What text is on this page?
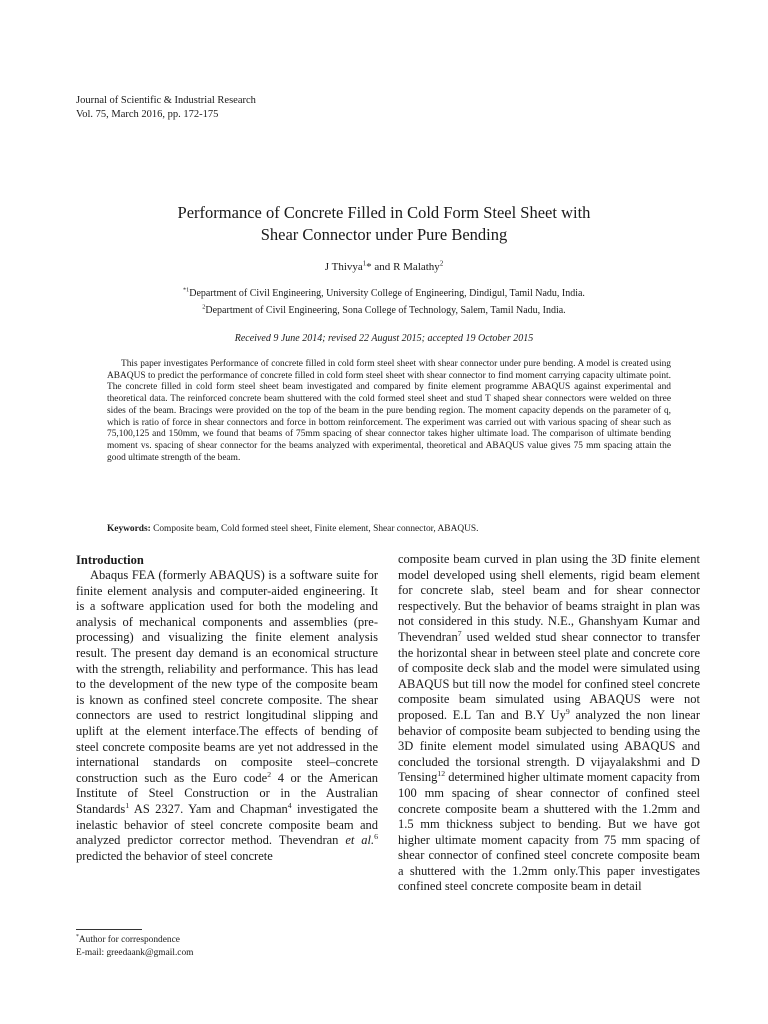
Journal of Scientific & Industrial Research
Vol. 75, March 2016, pp. 172-175
Performance of Concrete Filled in Cold Form Steel Sheet with
Shear Connector under Pure Bending
J Thivya$^1$* and R Malathy$^2$
$^{*1}$Department of Civil Engineering, University College of Engineering, Dindigul, Tamil Nadu, India.
$^2$Department of Civil Engineering, Sona College of Technology, Salem, Tamil Nadu, India.
Received 9 June 2014; revised 22 August 2015; accepted 19 October 2015

This paper investigates Performance of concrete filled in cold form steel sheet with shear connector under pure bending. A model is created using ABAQUS to predict the performance of concrete filled in cold form steel sheet with shear connector to find moment carrying capacity ultimate point. The concrete filled in cold form steel sheet beam investigated and compared by finite element programme ABAQUS against experimental and theoretical data. The reinforced concrete beam shuttered with the cold formed steel sheet and stud T shaped shear connectors were welded on three sides of the beam. Bracings were provided on the top of the beam in the pure bending region. The moment capacity depends on the parameter of q, which is ratio of force in shear connectors and force in bottom reinforcement. The experiment was carried out with various spacing of shear such as 75,100,125 and 150mm, we found that beams of 75mm spacing of shear connector takes higher ultimate load. The comparison of ultimate bending moment vs. spacing of shear connector for the beams analyzed with experimental, theoretical and ABAQUS value gives 75 mm spacing attain the good ultimate strength of the beam.

Keywords: Composite beam, Cold formed steel sheet, Finite element, Shear connector, ABAQUS.

Introduction

Abaqus FEA (formerly ABAQUS) is a software suite for finite element analysis and computer-aided engineering. It is a software application used for both the modeling and analysis of mechanical components and assemblies (pre-processing) and visualizing the finite element analysis result. The present day demand is an economical structure with the strength, reliability and performance. This has lead to the development of the new type of the composite beam is known as confined steel concrete composite. The shear connectors are used to restrict longitudinal slipping and uplift at the element interface.The effects of bending of steel concrete composite beams are yet not addressed in the international standards on composite steel–concrete construction such as the Euro code$^2$ 4 or the American Institute of Steel Construction or in the Australian Standards$^1$ AS 2327. Yam and Chapman$^4$ investigated the inelastic behavior of steel concrete composite beam and analyzed predictor corrector method. Thevendran et al.$^6$ predicted the behavior of steel concrete

composite beam curved in plan using the 3D finite element model developed using shell elements, rigid beam element for concrete slab, steel beam and for shear connector respectively. But the behavior of beams straight in plan was not considered in this study. N.E., Ghanshyam Kumar and Thevendran$^7$ used welded stud shear connector to transfer the horizontal shear in between steel plate and concrete core of composite deck slab and the model were simulated using ABAQUS but till now the model for confined steel concrete composite beam simulated using ABAQUS were not proposed. E.L Tan and B.Y Uy$^9$ analyzed the non linear behavior of composite beam subjected to bending using the 3D finite element model simulated using ABAQUS and concluded the torsional strength. D vijayalakshmi and D Tensing$^{12}$ determined higher ultimate moment capacity from 100 mm spacing of shear connector of confined steel concrete composite beam a shuttered with the 1.2mm and 1.5 mm thickness subject to bending. But we have got higher ultimate moment capacity from 75 mm spacing of shear connector of confined steel concrete composite beam a shuttered with the 1.2mm only.This paper investigates confined steel concrete composite beam in detail

*Author for correspondence
E-mail: greedaank@gmail.com
